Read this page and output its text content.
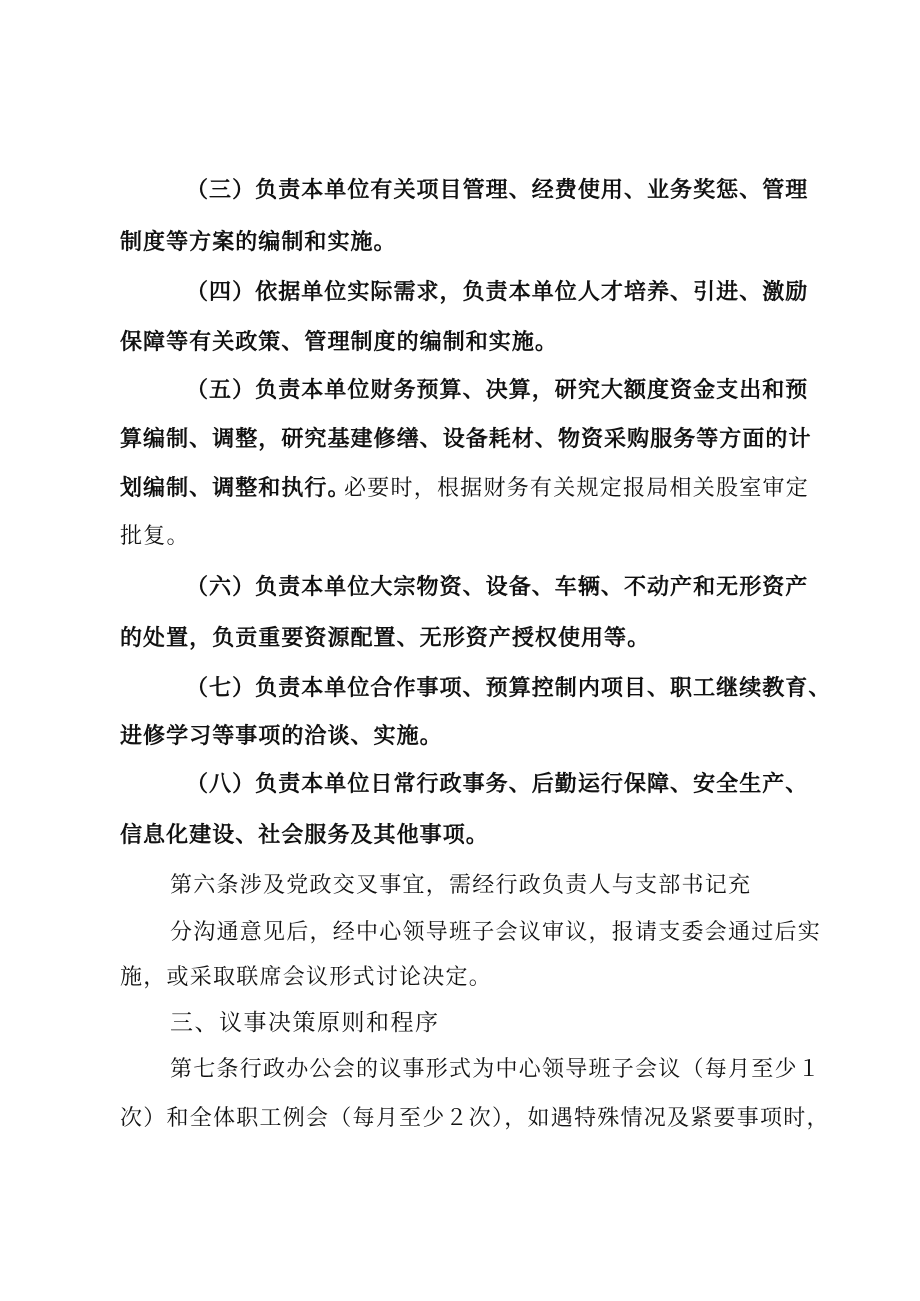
（三）负责本单位有关项目管理、经费使用、业务奖惩、管理
制度等方案的编制和实施。
（四）依据单位实际需求，负责本单位人才培养、引进、激励
保障等有关政策、管理制度的编制和实施。
（五）负责本单位财务预算、决算，研究大额度资金支出和预
算编制、调整，研究基建修缮、设备耗材、物资采购服务等方面的计
划编制、调整和执行。
必要时，根据财务有关规定报局相关股室审定
批复。
（六）负责本单位大宗物资、设备、车辆、不动产和无形资产
的处置，负贡重要资源配置、无形资产授权使用等。
（七）负责本单位合作事项、预算控制内项目、职工继续教育、
进修学习等事项的洽谈、实施。
（八）负责本单位日常行政事务、后勤运行保障、安全生产、
信息化建设、社会服务及其他事项。
第六条涉及党政交叉事宜，需经行政负责人与支部书记充
分沟通意见后，经中心领导班子会议审议，报请支委会通过后实
施，或采取联席会议形式讨论决定。
三、议事决策原则和程序
第七条行政办公会的议事形式为中心领导班子会议（每月至少１
次）和全体职工例会（每月至少２次），如遇特殊情况及紧要事项时，
